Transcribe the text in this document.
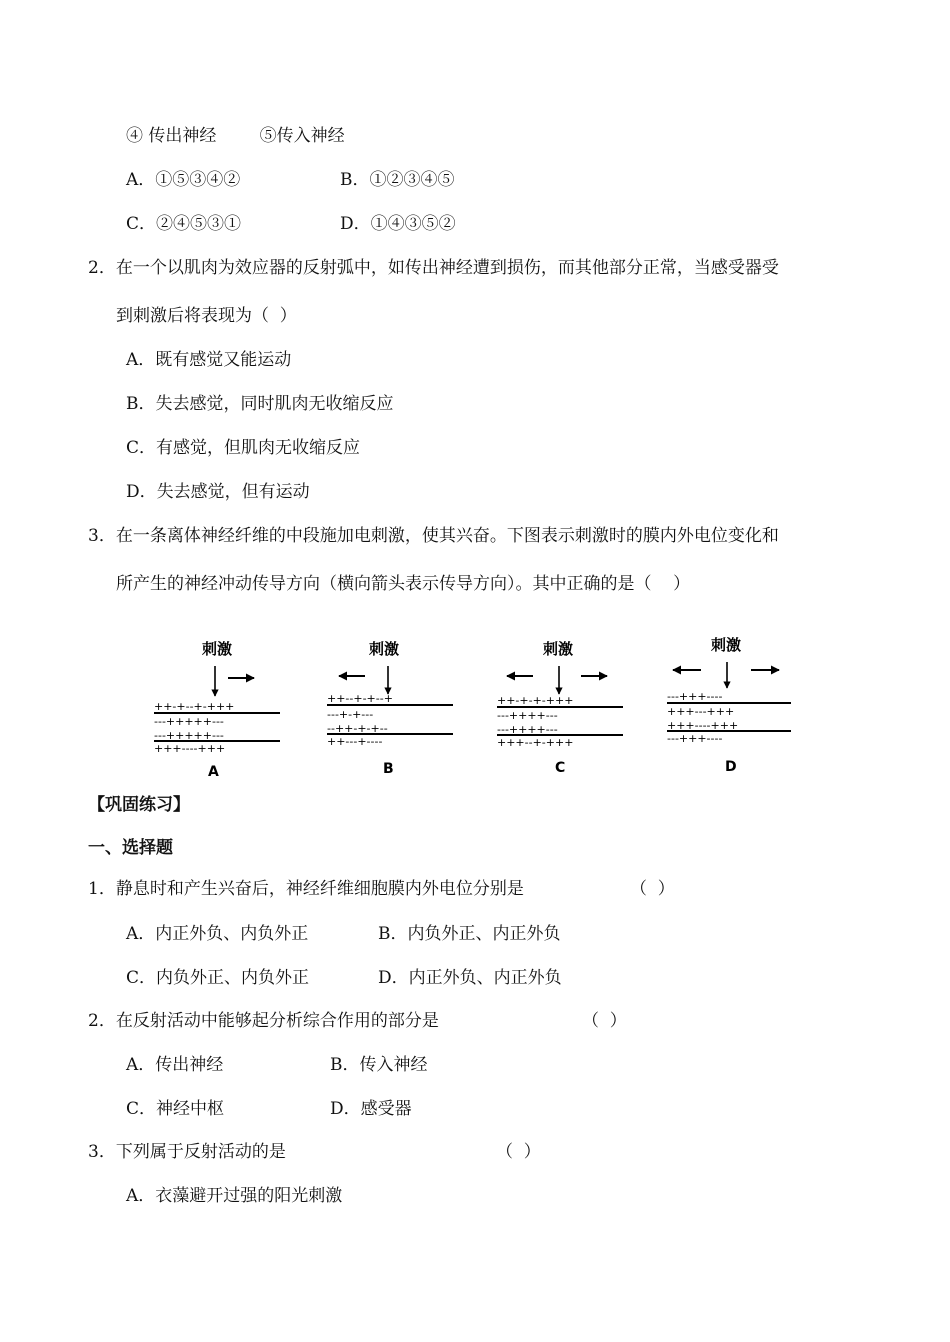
④ 传出神经        ⑤传入神经
A．①⑤③④②	B．①②③④⑤
C．②④⑤③①	D．①④③⑤②
2．在一个以肌肉为效应器的反射弧中，如传出神经遭到损伤，而其他部分正常，当感受器受
到刺激后将表现为（  ）
A．既有感觉又能运动
B．失去感觉，同时肌肉无收缩反应
C．有感觉，但肌肉无收缩反应
D．失去感觉，但有运动
3．在一条离体神经纤维的中段施加电刺激，使其兴奋。下图表示刺激时的膜内外电位变化和
所产生的神经冲动传导方向（横向箭头表示传导方向）。其中正确的是（    ）
刺激
++-+--+-+++
---+++++---
---+++++---
+++----+++
A
刺激
++--+-+--+
---+-+---
--++-+-+--
++---+----
B
刺激
++-+-+-+++
---++++---
---++++---
+++--+-+++
C
刺激
---+++----
+++---+++
+++----+++
---+++----
D
【巩固练习】
一、选择题
1．静息时和产生兴奋后，神经纤维细胞膜内外电位分别是	（  ）
A．内正外负、内负外正	B．内负外正、内正外负
C．内负外正、内负外正	D．内正外负、内正外负
2．在反射活动中能够起分析综合作用的部分是	（  ）
A．传出神经	B．传入神经
C．神经中枢	D．感受器
3．下列属于反射活动的是	（  ）
A．衣藻避开过强的阳光刺激
